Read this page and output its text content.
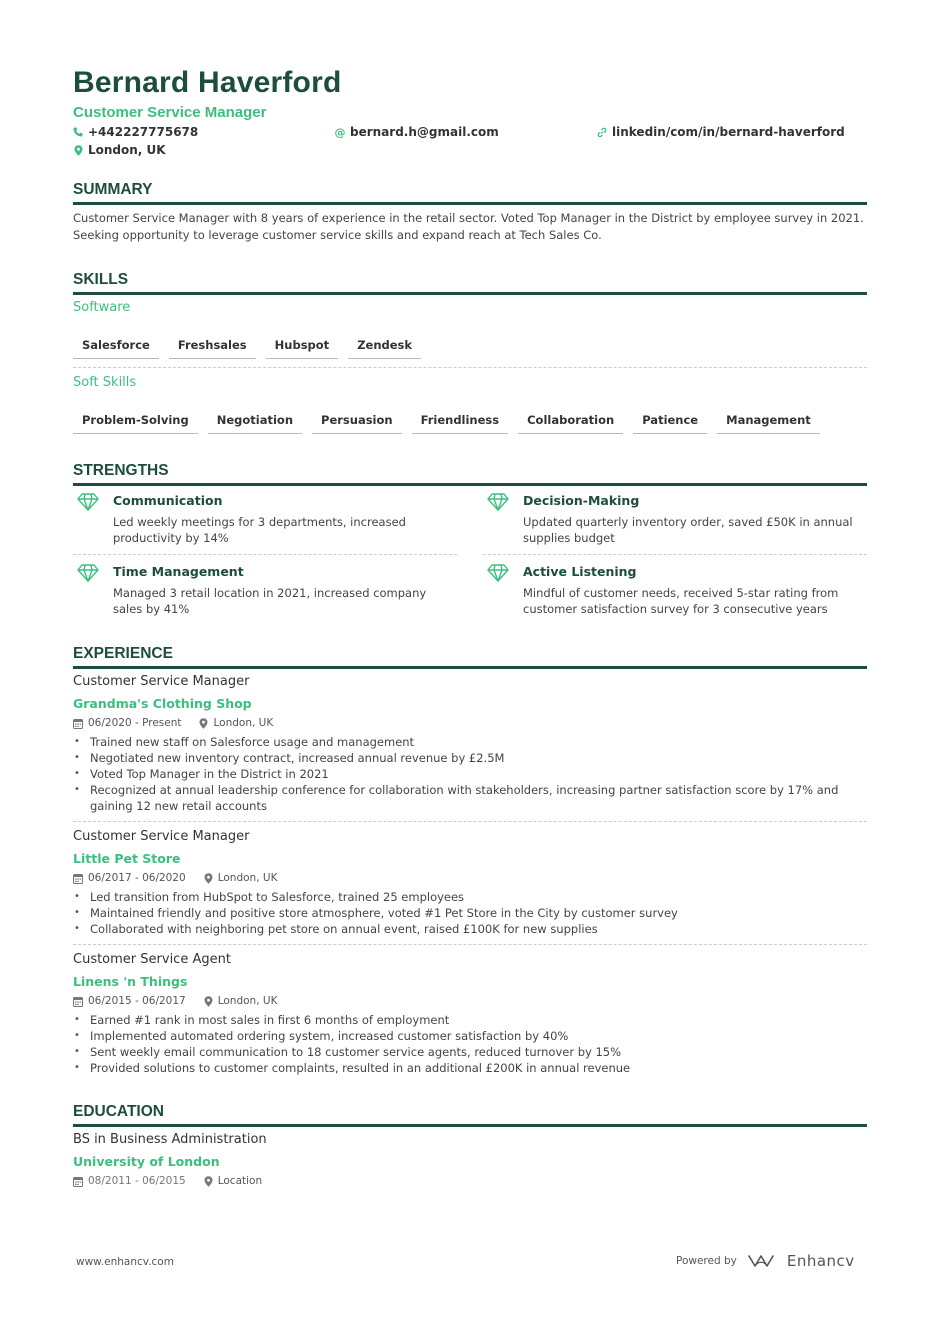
Bernard Haverford
Customer Service Manager
+442227775678	@ bernard.h@gmail.com	linkedin/com/in/bernard-haverford
London, UK
SUMMARY
Customer Service Manager with 8 years of experience in the retail sector. Voted Top Manager in the District by employee survey in 2021.
Seeking opportunity to leverage customer service skills and expand reach at Tech Sales Co.
SKILLS
Software
Salesforce	Freshsales	Hubspot	Zendesk
Soft Skills
Problem-Solving	Negotiation	Persuasion	Friendliness	Collaboration	Patience	Management
STRENGTHS
Communication
Led weekly meetings for 3 departments, increased productivity by 14%
Decision-Making
Updated quarterly inventory order, saved £50K in annual supplies budget
Time Management
Managed 3 retail location in 2021, increased company sales by 41%
Active Listening
Mindful of customer needs, received 5-star rating from customer satisfaction survey for 3 consecutive years
EXPERIENCE
Customer Service Manager
Grandma's Clothing Shop
06/2020 - Present	London, UK
• Trained new staff on Salesforce usage and management
• Negotiated new inventory contract, increased annual revenue by £2.5M
• Voted Top Manager in the District in 2021
• Recognized at annual leadership conference for collaboration with stakeholders, increasing partner satisfaction score by 17% and gaining 12 new retail accounts
Customer Service Manager
Little Pet Store
06/2017 - 06/2020	London, UK
• Led transition from HubSpot to Salesforce, trained 25 employees
• Maintained friendly and positive store atmosphere, voted #1 Pet Store in the City by customer survey
• Collaborated with neighboring pet store on annual event, raised £100K for new supplies
Customer Service Agent
Linens 'n Things
06/2015 - 06/2017	London, UK
• Earned #1 rank in most sales in first 6 months of employment
• Implemented automated ordering system, increased customer satisfaction by 40%
• Sent weekly email communication to 18 customer service agents, reduced turnover by 15%
• Provided solutions to customer complaints, resulted in an additional £200K in annual revenue
EDUCATION
BS in Business Administration
University of London
08/2011 - 06/2015	Location
www.enhancv.com	Powered by	Enhancv
